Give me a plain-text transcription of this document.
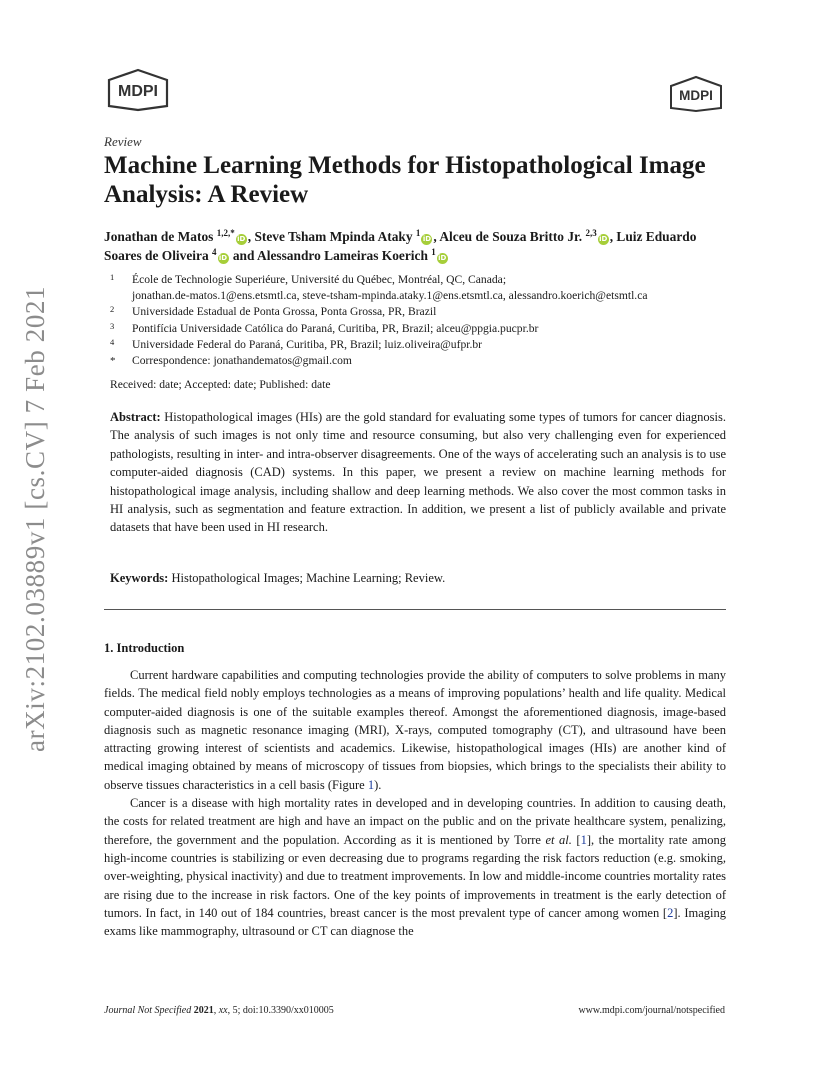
MDPI	MDPI
arXiv:2102.03889v1 [cs.CV] 7 Feb 2021
Review
Machine Learning Methods for Histopathological Image Analysis: A Review
Jonathan de Matos $^{1,2,*}$iD , Steve Tsham Mpinda Ataky $^1$iD , Alceu de Souza Britto Jr. $^{2,3}$iD , Luiz Eduardo Soares de Oliveira $^4$iD and Alessandro Lameiras Koerich $^1$iD
1 École de Technologie Superiéure, Université du Québec, Montréal, QC, Canada;
jonathan.de-matos.1@ens.etsmtl.ca, steve-tsham-mpinda.ataky.1@ens.etsmtl.ca, alessandro.koerich@etsmtl.ca
2 Universidade Estadual de Ponta Grossa, Ponta Grossa, PR, Brazil
3 Pontifícia Universidade Católica do Paraná, Curitiba, PR, Brazil; alceu@ppgia.pucpr.br
4 Universidade Federal do Paraná, Curitiba, PR, Brazil; luiz.oliveira@ufpr.br
* Correspondence: jonathandematos@gmail.com
Received: date; Accepted: date; Published: date
Abstract: Histopathological images (HIs) are the gold standard for evaluating some types of tumors for cancer diagnosis. The analysis of such images is not only time and resource consuming, but also very challenging even for experienced pathologists, resulting in inter- and intra-observer disagreements. One of the ways of accelerating such an analysis is to use computer-aided diagnosis (CAD) systems. In this paper, we present a review on machine learning methods for histopathological image analysis, including shallow and deep learning methods. We also cover the most common tasks in HI analysis, such as segmentation and feature extraction. In addition, we present a list of publicly available and private datasets that have been used in HI research.
Keywords: Histopathological Images; Machine Learning; Review.
1. Introduction

Current hardware capabilities and computing technologies provide the ability of computers to solve problems in many fields. The medical field nobly employs technologies as a means of improving populations’ health and life quality. Medical computer-aided diagnosis is one of the suitable examples thereof. Amongst the aforementioned diagnosis, image-based diagnosis such as magnetic resonance imaging (MRI), X-rays, computed tomography (CT), and ultrasound have been attracting growing interest of scientists and academics. Likewise, histopathological images (HIs) are another kind of medical imaging obtained by means of microscopy of tissues from biopsies, which brings to the specialists their ability to observe tissues characteristics in a cell basis (Figure 1).

Cancer is a disease with high mortality rates in developed and in developing countries. In addition to causing death, the costs for related treatment are high and have an impact on the public and on the private healthcare system, penalizing, therefore, the government and the population. According as it is mentioned by Torre et al. [1], the mortality rate among high-income countries is stabilizing or even decreasing due to programs regarding the risk factors reduction (e.g. smoking, over-weighting, physical inactivity) and due to treatment improvements. In low and middle-income countries mortality rates are rising due to the increase in risk factors. One of the key points of improvements in treatment is the early detection of tumors. In fact, in 140 out of 184 countries, breast cancer is the most prevalent type of cancer among women [2]. Imaging exams like mammography, ultrasound or CT can diagnose the

Journal Not Specified 2021, xx, 5; doi:10.3390/xx010005	www.mdpi.com/journal/notspecified
